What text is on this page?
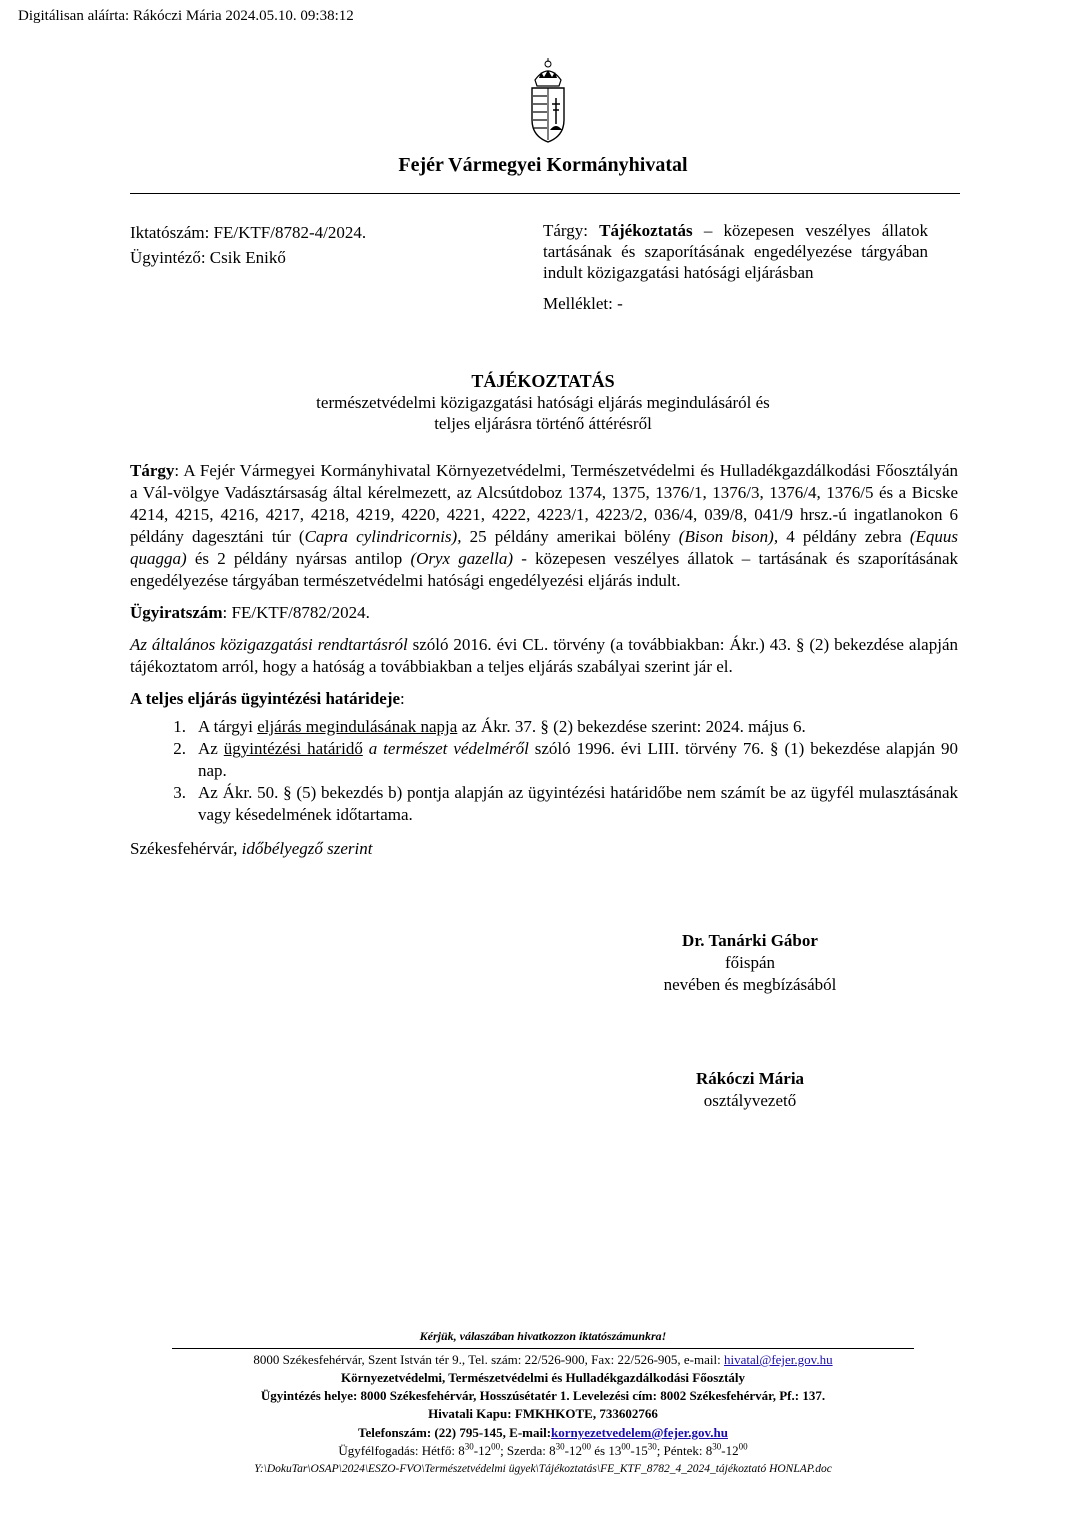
Digitálisan aláírta: Rákóczi Mária 2024.05.10. 09:38:12
Fejér Vármegyei Kormányhivatal
Iktatószám: FE/KTF/8782-4/2024.
Ügyintéző: Csik Enikő
Tárgy: Tájékoztatás – közepesen veszélyes állatok tartásának és szaporításának engedélyezése tárgyában indult közigazgatási hatósági eljárásban
Melléklet: -
TÁJÉKOZTATÁS
természetvédelmi közigazgatási hatósági eljárás megindulásáról és
teljes eljárásra történő áttérésről

Tárgy: A Fejér Vármegyei Kormányhivatal Környezetvédelmi, Természetvédelmi és Hulladékgazdálkodási Főosztályán a Vál-völgye Vadásztársaság által kérelmezett, az Alcsútdoboz 1374, 1375, 1376/1, 1376/3, 1376/4, 1376/5 és a Bicske 4214, 4215, 4216, 4217, 4218, 4219, 4220, 4221, 4222, 4223/1, 4223/2, 036/4, 039/8, 041/9 hrsz.-ú ingatlanokon 6 példány dagesztáni túr (Capra cylindricornis), 25 példány amerikai bölény (Bison bison), 4 példány zebra (Equus quagga) és 2 példány nyársas antilop (Oryx gazella) - közepesen veszélyes állatok – tartásának és szaporításának engedélyezése tárgyában természetvédelmi hatósági engedélyezési eljárás indult.

Ügyiratszám: FE/KTF/8782/2024.

Az általános közigazgatási rendtartásról szóló 2016. évi CL. törvény (a továbbiakban: Ákr.) 43. § (2) bekezdése alapján tájékoztatom arról, hogy a hatóság a továbbiakban a teljes eljárás szabályai szerint jár el.

A teljes eljárás ügyintézési határideje:

1. A tárgyi eljárás megindulásának napja az Ákr. 37. § (2) bekezdése szerint: 2024. május 6.
2. Az ügyintézési határidő a természet védelméről szóló 1996. évi LIII. törvény 76. § (1) bekezdése alapján 90 nap.
3. Az Ákr. 50. § (5) bekezdés b) pontja alapján az ügyintézési határidőbe nem számít be az ügyfél mulasztásának vagy késedelmének időtartama.

Székesfehérvár, időbélyegző szerint

Dr. Tanárki Gábor
főispán
nevében és megbízásából
Rákóczi Mária
osztályvezető
Kérjük, válaszában hivatkozzon iktatószámunkra!
8000 Székesfehérvár, Szent István tér 9., Tel. szám: 22/526-900, Fax: 22/526-905, e-mail: hivatal@fejer.gov.hu
Környezetvédelmi, Természetvédelmi és Hulladékgazdálkodási Főosztály
Ügyintézés helye: 8000 Székesfehérvár, Hosszúsétatér 1. Levelezési cím: 8002 Székesfehérvár, Pf.: 137.
Hivatali Kapu: FMKHKOTE, 733602766
Telefonszám: (22) 795-145, E-mail:kornyezetvedelem@fejer.gov.hu
Ügyfélfogadás: Hétfő: $8^{30}-12^{00}$; Szerda: $8^{30}-12^{00}$ és $13^{00}-15^{30}$; Péntek: $8^{30}-12^{00}$
Y:\DokuTar\OSAP\2024\ESZO-FVO\Természetvédelmi ügyek\Tájékoztatás\FE_KTF_8782_4_2024_tájékoztató HONLAP.doc
